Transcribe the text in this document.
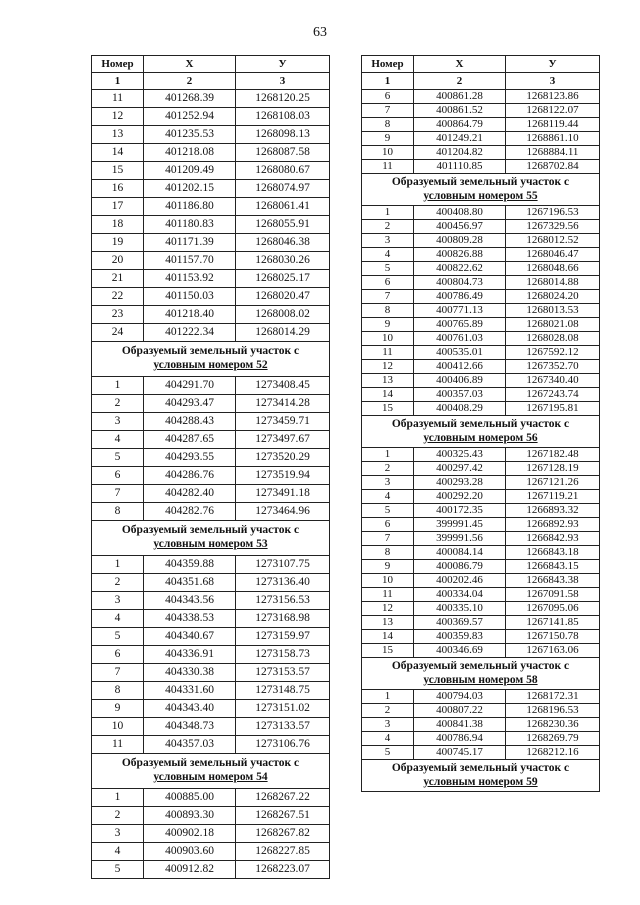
63
Номер	X	У
1	2	3
11	401268.39	1268120.25
12	401252.94	1268108.03
13	401235.53	1268098.13
14	401218.08	1268087.58
15	401209.49	1268080.67
16	401202.15	1268074.97
17	401186.80	1268061.41
18	401180.83	1268055.91
19	401171.39	1268046.38
20	401157.70	1268030.26
21	401153.92	1268025.17
22	401150.03	1268020.47
23	401218.40	1268008.02
24	401222.34	1268014.29

Образуемый земельный участок с
условным номером 52		

1	404291.70	1273408.45
2	404293.47	1273414.28
3	404288.43	1273459.71
4	404287.65	1273497.67
5	404293.55	1273520.29
6	404286.76	1273519.94
7	404282.40	1273491.18
8	404282.76	1273464.96

Образуемый земельный участок с
условным номером 53		

1	404359.88	1273107.75
2	404351.68	1273136.40
3	404343.56	1273156.53
4	404338.53	1273168.98
5	404340.67	1273159.97
6	404336.91	1273158.73
7	404330.38	1273153.57
8	404331.60	1273148.75
9	404343.40	1273151.02
10	404348.73	1273133.57
11	404357.03	1273106.76

Образуемый земельный участок с
условным номером 54		

1	400885.00	1268267.22
2	400893.30	1268267.51
3	400902.18	1268267.82
4	400903.60	1268227.85
5	400912.82	1268223.07
Номер	X	У
1	2	3
6	400861.28	1268123.86
7	400861.52	1268122.07
8	400864.79	1268119.44
9	401249.21	1268861.10
10	401204.82	1268884.11
11	401110.85	1268702.84

Образуемый земельный участок с
условным номером 55		

1	400408.80	1267196.53
2	400456.97	1267329.56
3	400809.28	1268012.52
4	400826.88	1268046.47
5	400822.62	1268048.66
6	400804.73	1268014.88
7	400786.49	1268024.20
8	400771.13	1268013.53
9	400765.89	1268021.08
10	400761.03	1268028.08
11	400535.01	1267592.12
12	400412.66	1267352.70
13	400406.89	1267340.40
14	400357.03	1267243.74
15	400408.29	1267195.81

Образуемый земельный участок с
условным номером 56		

1	400325.43	1267182.48
2	400297.42	1267128.19
3	400293.28	1267121.26
4	400292.20	1267119.21
5	400172.35	1266893.32
6	399991.45	1266892.93
7	399991.56	1266842.93
8	400084.14	1266843.18
9	400086.79	1266843.15
10	400202.46	1266843.38
11	400334.04	1267091.58
12	400335.10	1267095.06
13	400369.57	1267141.85
14	400359.83	1267150.78
15	400346.69	1267163.06

Образуемый земельный участок с
условным номером 58		

1	400794.03	1268172.31
2	400807.22	1268196.53
3	400841.38	1268230.36
4	400786.94	1268269.79
5	400745.17	1268212.16

Образуемый земельный участок с
условным номером 59		
